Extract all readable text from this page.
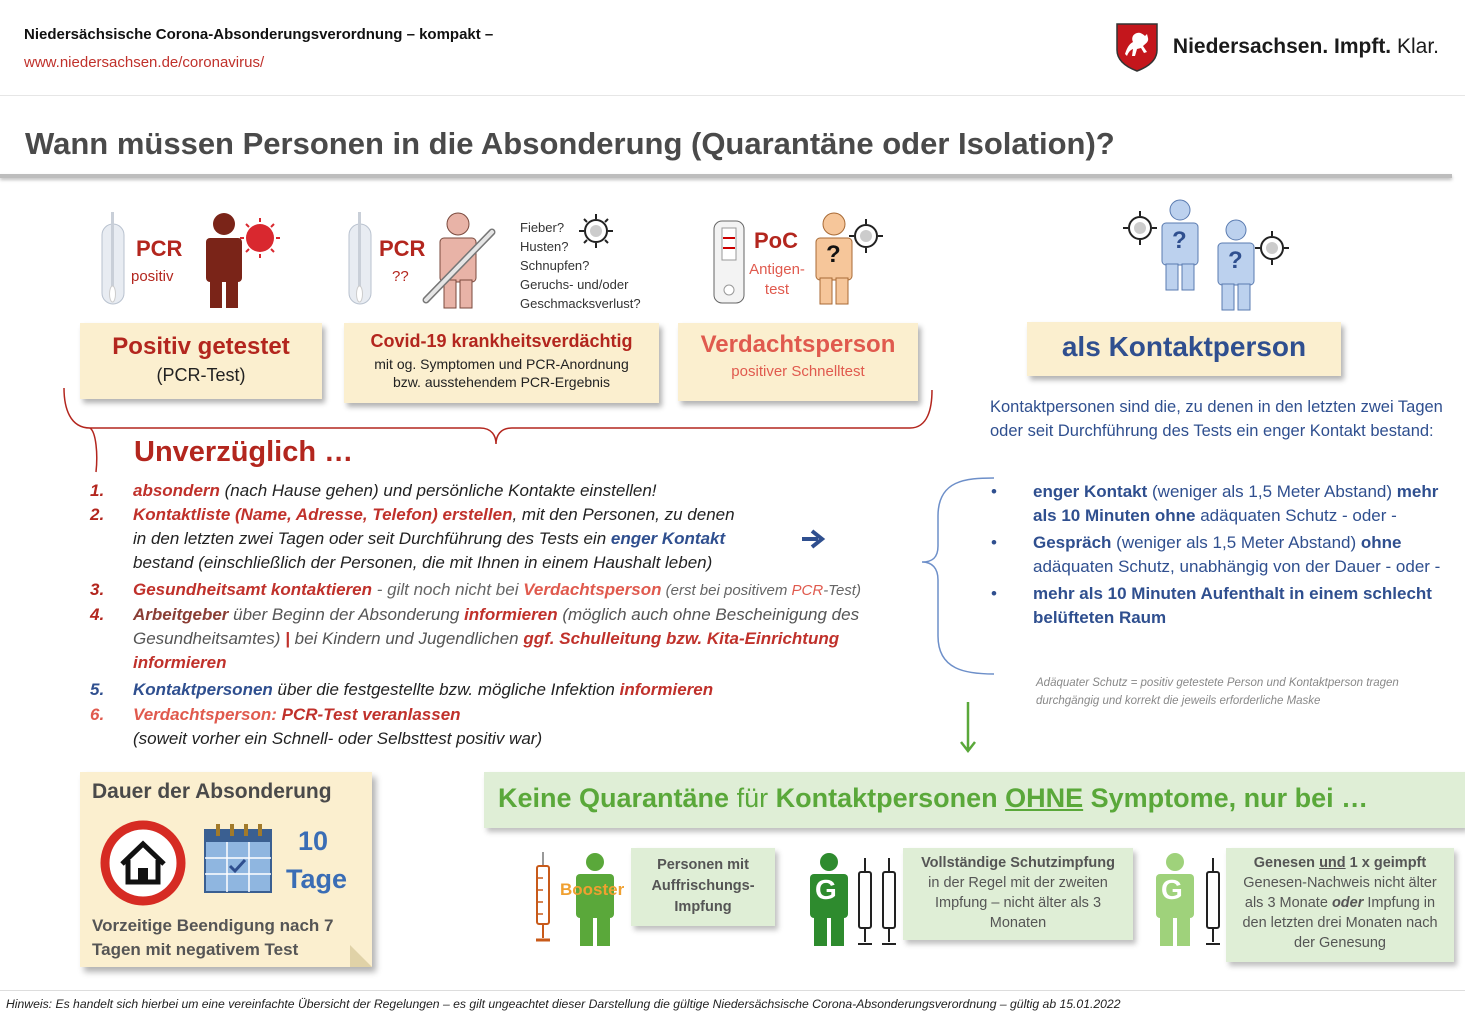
Niedersächsische Corona-Absonderungsverordnung – kompakt –
www.niedersachsen.de/coronavirus/
Niedersachsen. Impft. Klar.
Wann müssen Personen in die Absonderung (Quarantäne oder Isolation)?
PCR
positiv
PCR
??
Fieber?
Husten?
Schnupfen?
Geruchs- und/oder
Geschmacksverlust?
PoC
Antigen-test
?
?
?
Positiv getestet
(PCR-Test)
Covid-19 krankheitsverdächtig
mit og. Symptomen und PCR-Anordnung
bzw. ausstehendem PCR-Ergebnis
Verdachtsperson
positiver Schnelltest
als Kontaktperson
Unverzüglich …
1. absondern (nach Hause gehen) und persönliche Kontakte einstellen!
2. Kontaktliste (Name, Adresse, Telefon) erstellen, mit den Personen, zu denen
in den letzten zwei Tagen oder seit Durchführung des Tests ein enger Kontakt
bestand (einschließlich der Personen, die mit Ihnen in einem Haushalt leben)
3. Gesundheitsamt kontaktieren - gilt noch nicht bei Verdachtsperson (erst bei positivem PCR-Test)
4. Arbeitgeber über Beginn der Absonderung informieren (möglich auch ohne Bescheinigung des
Gesundheitsamtes) | bei Kindern und Jugendlichen ggf. Schulleitung bzw. Kita-Einrichtung
informieren
5. Kontaktpersonen über die festgestellte bzw. mögliche Infektion informieren
6. Verdachtsperson: PCR-Test veranlassen
(soweit vorher ein Schnell- oder Selbsttest positiv war)
Kontaktpersonen sind die, zu denen in den letzten zwei Tagen oder seit Durchführung des Tests ein enger Kontakt bestand:
• enger Kontakt (weniger als 1,5 Meter Abstand) mehr als 10 Minuten ohne adäquaten Schutz - oder -
• Gespräch (weniger als 1,5 Meter Abstand) ohne adäquaten Schutz, unabhängig von der Dauer - oder -
• mehr als 10 Minuten Aufenthalt in einem schlecht belüfteten Raum
Adäquater Schutz = positiv getestete Person und Kontaktperson tragen durchgängig und korrekt die jeweils erforderliche Maske
Dauer der Absonderung
10
Tage
Vorzeitige Beendigung nach 7 Tagen mit negativem Test
Keine Quarantäne für Kontaktpersonen OHNE Symptome, nur bei …
Booster
Personen mit Auffrischungs-Impfung
G
Vollständige Schutzimpfung
in der Regel mit der zweiten Impfung – nicht älter als 3 Monaten
G
Genesen und 1 x geimpft
Genesen-Nachweis nicht älter als 3 Monate oder Impfung in den letzten drei Monaten nach der Genesung
Hinweis: Es handelt sich hierbei um eine vereinfachte Übersicht der Regelungen – es gilt ungeachtet dieser Darstellung die gültige Niedersächsische Corona-Absonderungsverordnung – gültig ab 15.01.2022
